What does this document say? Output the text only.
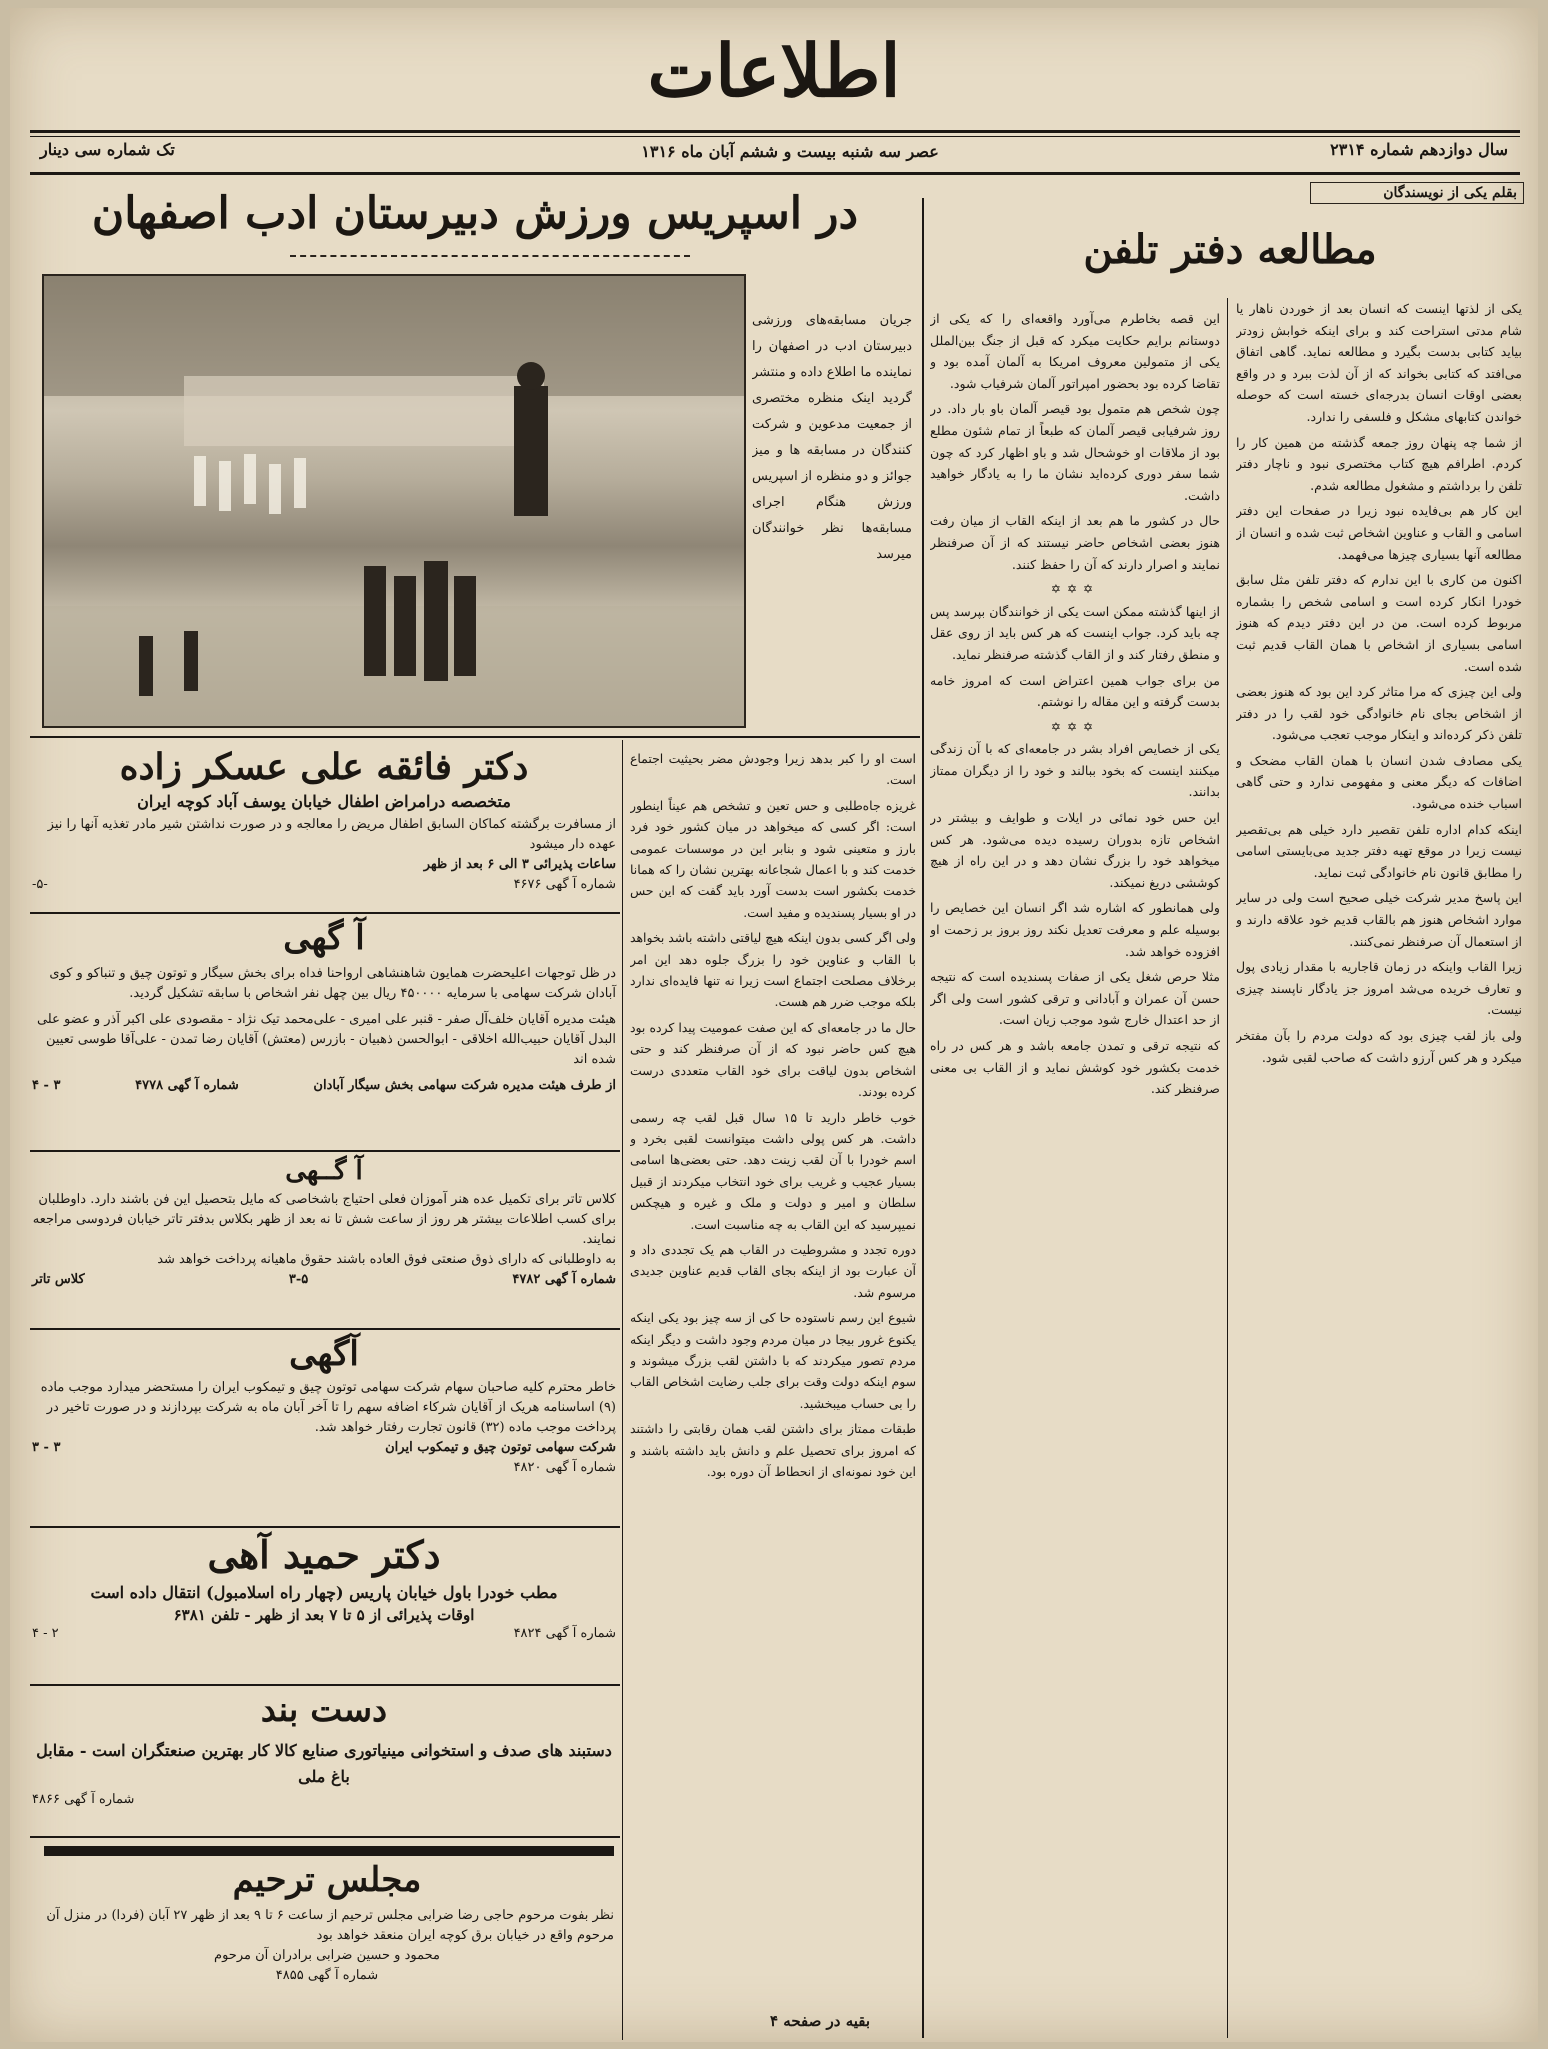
اطلاعات
سال دوازدهم شماره ۲۳۱۴
عصر سه شنبه بیست و ششم آبان ماه ۱۳۱۶
تک شماره سی دینار
بقلم یکی از نویسندگان
مطالعه دفتر تلفن

یکی از لذتها اینست که انسان بعد از خوردن ناهار یا شام مدتی استراحت کند و برای اینکه خوابش زودتر بیاید کتابی بدست بگیرد و مطالعه نماید. گاهی اتفاق می‌افتد که کتابی بخواند که از آن لذت ببرد و در واقع بعضی اوقات انسان بدرجه‌ای خسته است که حوصله خواندن کتابهای مشکل و فلسفی را ندارد.

از شما چه پنهان روز جمعه گذشته من همین کار را کردم. اطرافم هیچ کتاب مختصری نبود و ناچار دفتر تلفن را برداشتم و مشغول مطالعه شدم.

این کار هم بی‌فایده نبود زیرا در صفحات این دفتر اسامی و القاب و عناوین اشخاص ثبت شده و انسان از مطالعه آنها بسیاری چیزها می‌فهمد.

اکنون من کاری با این ندارم که دفتر تلفن مثل سابق خودرا انکار کرده است و اسامی شخص را بشماره مربوط کرده است. من در این دفتر دیدم که هنوز اسامی بسیاری از اشخاص با همان القاب قدیم ثبت شده است.

ولی این چیزی که مرا متاثر کرد این بود که هنوز بعضی از اشخاص بجای نام خانوادگی خود لقب را در دفتر تلفن ذکر کرده‌اند و اینکار موجب تعجب می‌شود.

یکی مصادف شدن انسان با همان القاب مضحک و اضافات که دیگر معنی و مفهومی ندارد و حتی گاهی اسباب خنده می‌شود.

اینکه کدام اداره تلفن تقصیر دارد خیلی هم بی‌تقصیر نیست زیرا در موقع تهیه دفتر جدید می‌بایستی اسامی را مطابق قانون نام خانوادگی ثبت نماید.

این پاسخ مدیر شرکت خیلی صحیح است ولی در سایر موارد اشخاص هنوز هم بالقاب قدیم خود علاقه دارند و از استعمال آن صرفنظر نمی‌کنند.

زیرا القاب واینکه در زمان قاجاریه با مقدار زیادی پول و تعارف خریده می‌شد امروز جز یادگار ناپسند چیزی نیست.

ولی باز لقب چیزی بود که دولت مردم را بآن مفتخر میکرد و هر کس آرزو داشت که صاحب لقبی شود.

این قصه بخاطرم می‌آورد واقعه‌ای را که یکی از دوستانم برایم حکایت میکرد که قبل از جنگ بین‌الملل یکی از متمولین معروف امریکا به آلمان آمده بود و تقاضا کرده بود بحضور امپراتور آلمان شرفیاب شود.

چون شخص هم متمول بود قیصر آلمان باو بار داد. در روز شرفیابی قیصر آلمان که طبعاً از تمام شئون مطلع بود از ملاقات او خوشحال شد و باو اظهار کرد که چون شما سفر دوری کرده‌اید نشان ما را به یادگار خواهید داشت.

حال در کشور ما هم بعد از اینکه القاب از میان رفت هنوز بعضی اشخاص حاضر نیستند که از آن صرفنظر نمایند و اصرار دارند که آن را حفظ کنند.

✡✡✡

از اینها گذشته ممکن است یکی از خوانندگان بپرسد پس چه باید کرد. جواب اینست که هر کس باید از روی عقل و منطق رفتار کند و از القاب گذشته صرفنظر نماید.

من برای جواب همین اعتراض است که امروز خامه بدست گرفته و این مقاله را نوشتم.

✡✡✡

یکی از خصایص افراد بشر در جامعه‌ای که با آن زندگی میکنند اینست که بخود ببالند و خود را از دیگران ممتاز بدانند.

این حس خود نمائی در ایلات و طوایف و بیشتر در اشخاص تازه بدوران رسیده دیده می‌شود. هر کس میخواهد خود را بزرگ نشان دهد و در این راه از هیچ کوششی دریغ نمیکند.

ولی همانطور که اشاره شد اگر انسان این خصایص را بوسیله علم و معرفت تعدیل نکند روز بروز بر زحمت او افزوده خواهد شد.

مثلا حرص شغل یکی از صفات پسندیده است که نتیجه حسن آن عمران و آبادانی و ترقی کشور است ولی اگر از حد اعتدال خارج شود موجب زیان است.

که نتیجه ترقی و تمدن جامعه باشد و هر کس در راه خدمت بکشور خود کوشش نماید و از القاب بی معنی صرفنظر کند.

در اسپریس ورزش دبیرستان ادب اصفهان
جریان مسابقه‌های ورزشی دبیرستان ادب در اصفهان را نماینده ما اطلاع داده و منتشر گردید اینک منظره مختصری از جمعیت مدعوین و شرکت کنندگان در مسابقه ها و میز جوائز و دو منظره از اسپریس ورزش هنگام اجرای مسابقه‌ها نظر خوانندگان میرسد

است او را کبر بدهد زیرا وجودش مضر بحیثیت اجتماع است.

غریزه جاه‌طلبی و حس تعین و تشخص هم عیناً اینطور است: اگر کسی که میخواهد در میان کشور خود فرد بارز و متعینی شود و بنابر این در موسسات عمومی خدمت کند و با اعمال شجاعانه بهترین نشان را که همانا خدمت بکشور است بدست آورد باید گفت که این حس در او بسیار پسندیده و مفید است.

ولی اگر کسی بدون اینکه هیچ لیاقتی داشته باشد بخواهد با القاب و عناوین خود را بزرگ جلوه دهد این امر برخلاف مصلحت اجتماع است زیرا نه تنها فایده‌ای ندارد بلکه موجب ضرر هم هست.

حال ما در جامعه‌ای که این صفت عمومیت پیدا کرده بود هیچ کس حاضر نبود که از آن صرفنظر کند و حتی اشخاص بدون لیاقت برای خود القاب متعددی درست کرده بودند.

خوب خاطر دارید تا ۱۵ سال قبل لقب چه رسمی داشت. هر کس پولی داشت میتوانست لقبی بخرد و اسم خودرا با آن لقب زینت دهد. حتی بعضی‌ها اسامی بسیار عجیب و غریب برای خود انتخاب میکردند از قبیل سلطان و امیر و دولت و ملک و غیره و هیچکس نمیپرسید که این القاب به چه مناسبت است.

دوره تجدد و مشروطیت در القاب هم یک تجددی داد و آن عبارت بود از اینکه بجای القاب قدیم عناوین جدیدی مرسوم شد.

شیوع این رسم ناستوده حا کی از سه چیز بود یکی اینکه یکنوع غرور بیجا در میان مردم وجود داشت و دیگر اینکه مردم تصور میکردند که با داشتن لقب بزرگ میشوند و سوم اینکه دولت وقت برای جلب رضایت اشخاص القاب را بی حساب میبخشید.

طبقات ممتاز برای داشتن لقب همان رقابتی را داشتند که امروز برای تحصیل علم و دانش باید داشته باشند و این خود نمونه‌ای از انحطاط آن دوره بود.

بقیه در صفحه ۴
دکتر فائقه علی عسکر زاده
متخصصه درامراض اطفال خیابان یوسف آباد کوچه ایران
از مسافرت برگشته کماکان السابق اطفال مریض را معالجه و در صورت نداشتن شیر مادر تغذیه آنها را نیز عهده دار میشود
ساعات پذیرائی ۳ الی ۶ بعد از ظهر
شماره آ گهی ۴۶۷۶
-۵-
آ گهی
در ظل توجهات اعلیحضرت همایون شاهنشاهی ارواحنا فداه برای بخش سیگار و توتون چیق و تنباکو و کوی آبادان شرکت سهامی با سرمایه ۴۵۰۰۰۰ ریال بین چهل نفر اشخاص با سابقه تشکیل گردید.
هیئت مدیره آقایان خلف‌آل صفر - قنبر علی امیری - علی‌محمد تیک نژاد - مقصودی علی اکبر آذر و عضو علی البدل آقایان حبیب‌الله اخلاقی - ابوالحسن ذهبیان - بازرس (معتش) آقایان رضا تمدن - علی‌آقا طوسی تعیین شده اند
از طرف هیئت مدیره شرکت سهامی بخش سیگار آبادان
شماره آ گهی ۴۷۷۸
۳ - ۴
آ گــهی
کلاس تاتر برای تکمیل عده هنر آموزان فعلی احتیاج باشخاصی که مایل بتحصیل این فن باشند دارد. داوطلبان برای کسب اطلاعات بیشتر هر روز از ساعت شش تا نه بعد از ظهر بکلاس بدفتر تاتر خیابان فردوسی مراجعه نمایند.
به داوطلبانی که دارای ذوق صنعتی فوق العاده باشند حقوق ماهیانه پرداخت خواهد شد
شماره آ گهی ۴۷۸۲
۳-۵
کلاس تاتر
آگهی
خاطر محترم کلیه صاحبان سهام شرکت سهامی توتون چیق و تیمکوب ایران را مستحضر میدارد موجب ماده (۹) اساسنامه هریک از آقایان شرکاء اضافه سهم را تا آخر آبان ماه به شرکت بپردازند و در صورت تاخیر در پرداخت موجب ماده (۳۲) قانون تجارت رفتار خواهد شد.
شرکت سهامی توتون چیق و تیمکوب ایران
۳ - ۳
شماره آ گهی ۴۸۲۰
دکتر حمید آهی
مطب خودرا باول خیابان پاریس (چهار راه اسلامبول) انتقال داده است
اوقات پذیرائی از ۵ تا ۷ بعد از ظهر - تلفن ۶۳۸۱
شماره آ گهی ۴۸۲۴
۲ - ۴
دست بند
دستبند های صدف و استخوانی مینیاتوری صنایع کالا کار بهترین صنعتگران است - مقابل باغ ملی
شماره آ گهی ۴۸۶۶
مجلس ترحیم
نظر بفوت مرحوم حاجی رضا ضرابی مجلس ترحیم از ساعت ۶ تا ۹ بعد از ظهر ۲۷ آبان (فردا) در منزل آن مرحوم واقع در خیابان برق کوچه ایران منعقد خواهد بود
محمود و حسین ضرابی برادران آن مرحوم
شماره آ گهی ۴۸۵۵
